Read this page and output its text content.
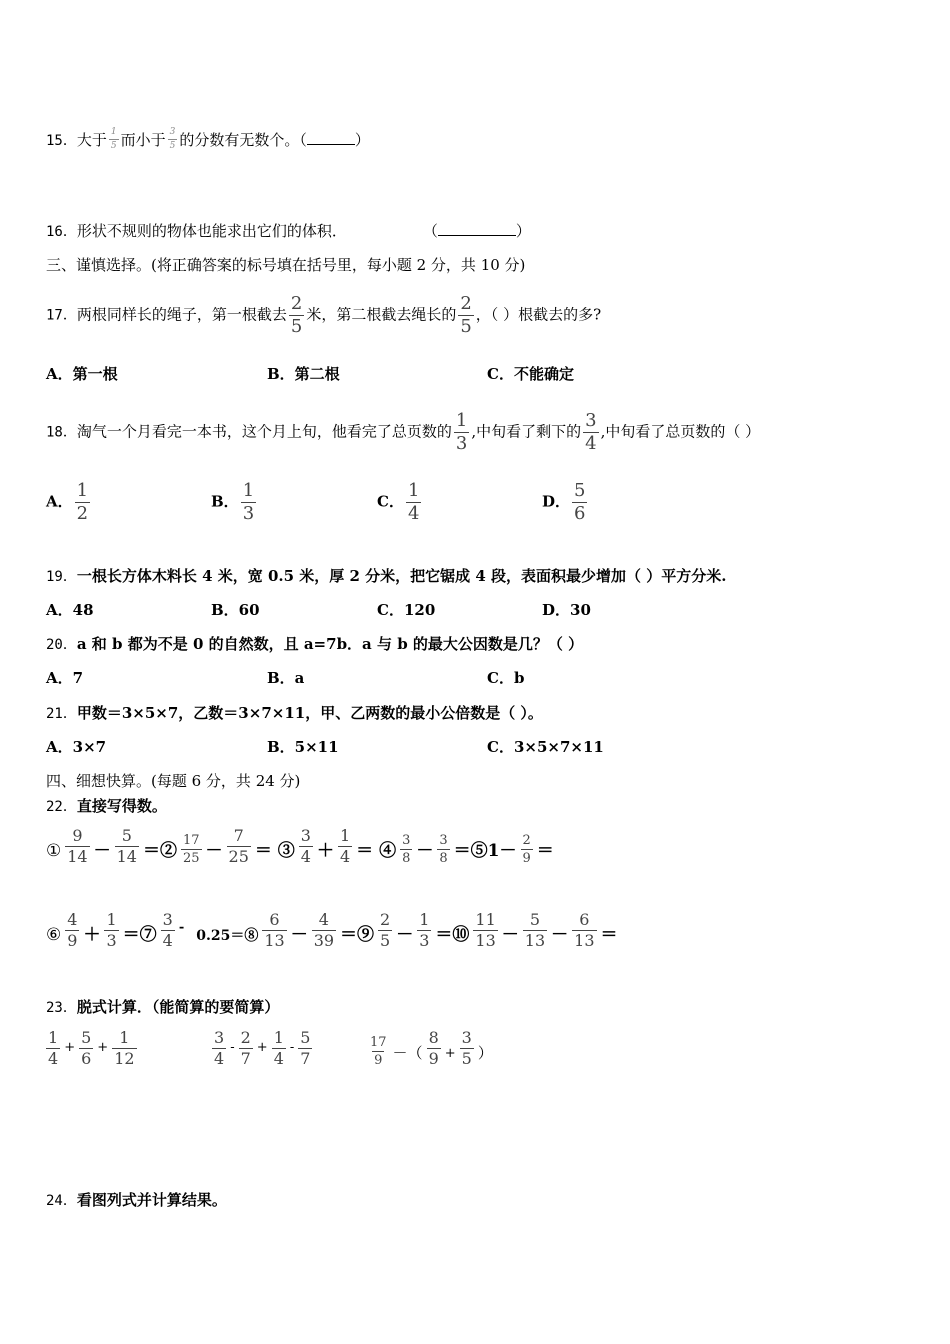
15．大于 $\frac{1}{5}$ 而小于 $\frac{3}{5}$ 的分数有无数个。（	）
16．形状不规则的物体也能求出它们的体积．	（	）
三、谨慎选择。(将正确答案的标号填在括号里，每小题 2 分，共 10 分)
17．两根同样长的绳子，第一根截去 $\frac{2}{5}$ 米，第二根截去绳长的 $\frac{2}{5}$ ，（ ）根截去的多?
A．第一根	B．第二根	C．不能确定
18．淘气一个月看完一本书，这个月上旬，他看完了总页数的 $\frac{1}{3}$ ,中旬看了剩下的 $\frac{3}{4}$ ,中旬看了总页数的（ ）
A． $\frac{1}{2}$	B． $\frac{1}{3}$	C． $\frac{1}{4}$	D． $\frac{5}{6}$
19．一根长方体木料长 4 米，宽 0.5 米，厚 2 分米，把它锯成 4 段，表面积最少增加（ ）平方分米.
A．48	B．60	C．120	D．30
20．a 和 b 都为不是 0 的自然数，且 a=7b．a 与 b 的最大公因数是几？（ ）
A．7	B．a	C．b
21．甲数＝3×5×7，乙数＝3×7×11，甲、乙两数的最小公倍数是（ ）。
A．3×7	B．5×11	C．3×5×7×11
四、细想快算。(每题 6 分，共 24 分)
22．直接写得数。
① $\frac{9}{14} - \frac{5}{14}$ ＝② $\frac{17}{25} - \frac{7}{25}$ ＝ ③ $\frac{3}{4} + \frac{1}{4}$ ＝ ④ $\frac{3}{8} - \frac{3}{8}$ ＝⑤1－ $\frac{2}{9}$ ＝
⑥ $\frac{4}{9} + \frac{1}{3}$ ＝⑦ $\frac{3}{4}$ -
0.25＝⑧ $\frac{6}{13} - \frac{4}{39}$ ＝⑨ $\frac{2}{5} - \frac{1}{3}$ ＝⑩ $\frac{11}{13} - \frac{5}{13} - \frac{6}{13}$ ＝
23．脱式计算．（能简算的要简算）
$\frac{1}{4} + \frac{5}{6} + \frac{1}{12}$	$\frac{3}{4} - \frac{2}{7} + \frac{1}{4} - \frac{5}{7}$	$\frac{17}{9}$ －（ $\frac{8}{9} + \frac{3}{5}$ ）
24．看图列式并计算结果。
